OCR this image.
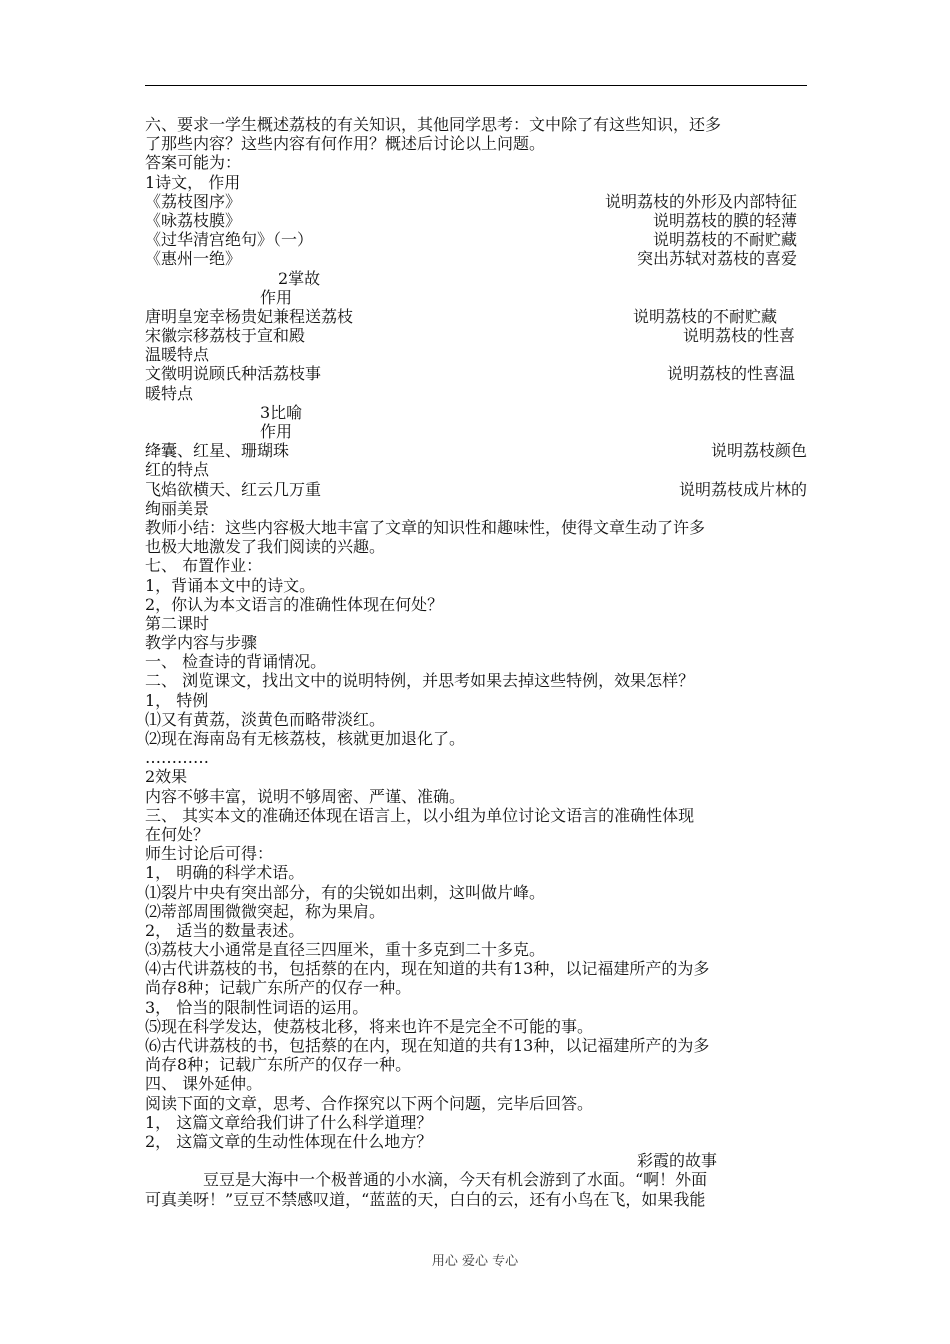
六、要求一学生概述荔枝的有关知识，其他同学思考：文中除了有这些知识，还多
了那些内容？这些内容有何作用？概述后讨论以上问题。
答案可能为：
1诗文， 作用
《荔枝图序》	说明荔枝的外形及内部特征
《咏荔枝膜》	说明荔枝的膜的轻薄
《过华清宫绝句》（一）	说明荔枝的不耐贮藏
《惠州一绝》	突出苏轼对荔枝的喜爱
2掌故
作用
唐明皇宠幸杨贵妃兼程送荔枝	说明荔枝的不耐贮藏
宋徽宗移荔枝于宣和殿	说明荔枝的性喜
温暖特点
文徵明说顾氏种活荔枝事	说明荔枝的性喜温
暖特点
3比喻
作用
绛囊、红星、珊瑚珠	说明荔枝颜色
红的特点
飞焰欲横天、红云几万重	说明荔枝成片林的
绚丽美景
教师小结：这些内容极大地丰富了文章的知识性和趣味性，使得文章生动了许多
也极大地激发了我们阅读的兴趣。
七、 布置作业：
1，背诵本文中的诗文。
2，你认为本文语言的准确性体现在何处？
第二课时
教学内容与步骤
一、 检查诗的背诵情况。
二、 浏览课文，找出文中的说明特例，并思考如果去掉这些特例，效果怎样？
1， 特例
⑴又有黄荔，淡黄色而略带淡红。
⑵现在海南岛有无核荔枝，核就更加退化了。
…………
2效果
内容不够丰富，说明不够周密、严谨、准确。
三、 其实本文的准确还体现在语言上，以小组为单位讨论文语言的准确性体现
在何处？
师生讨论后可得：
1， 明确的科学术语。
⑴裂片中央有突出部分，有的尖锐如出刺，这叫做片峰。
⑵蒂部周围微微突起，称为果肩。
2， 适当的数量表述。
⑶荔枝大小通常是直径三四厘米，重十多克到二十多克。
⑷古代讲荔枝的书，包括蔡的在内，现在知道的共有13种，以记福建所产的为多
尚存8种；记载广东所产的仅存一种。
3， 恰当的限制性词语的运用。
⑸现在科学发达，使荔枝北移，将来也许不是完全不可能的事。
⑹古代讲荔枝的书，包括蔡的在内，现在知道的共有13种，以记福建所产的为多
尚存8种；记载广东所产的仅存一种。
四、 课外延伸。
阅读下面的文章，思考、合作探究以下两个问题，完毕后回答。
1， 这篇文章给我们讲了什么科学道理？
2， 这篇文章的生动性体现在什么地方？
彩霞的故事
豆豆是大海中一个极普通的小水滴，今天有机会游到了水面。“啊！外面
可真美呀！”豆豆不禁感叹道，“蓝蓝的天，白白的云，还有小鸟在飞，如果我能
用心 爱心 专心
